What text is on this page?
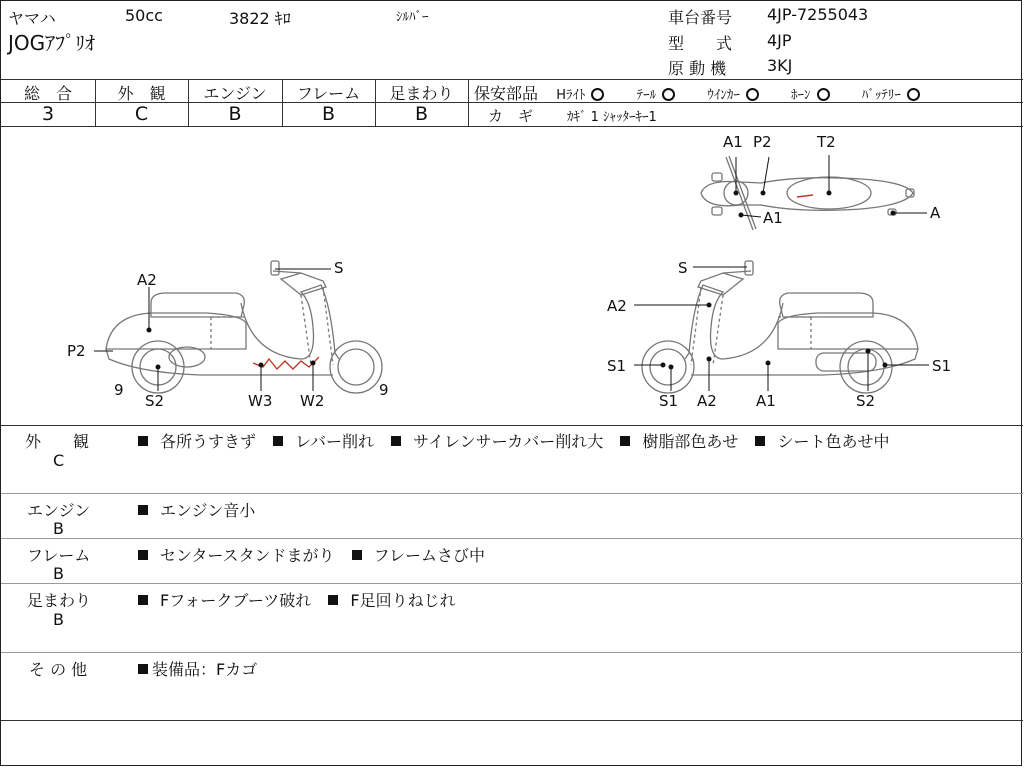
ヤマハ	50cc	3822 ｷﾛ	ｼﾙﾊﾞｰ
JOGｱﾌﾟﾘｵ
車台番号 4JP-7255043
型　　式 4JP
原 動 機	3KJ
総　合	外　観	エンジン	フレーム	足まわり
3	C	B	B	B
保安部品 Hﾗｲﾄ	ﾃｰﾙ	ｳｲﾝｶｰ	ﾎｰﾝ	ﾊﾞｯﾃﾘｰ
カ　ギ	ｶｷﾞ 1 ｼｬｯﾀｰｷｰ1
A1 P2	T2
A1	A
S
A2
P2
9
S2	W3 W2
9
S
A2
S1
S1
S1
A2	A1	S2
外　　観
C
各所うすきず レバー削れ サイレンサーカバー削れ大 樹脂部色あせ シート色あせ中
エンジン
B
エンジン音小
フレーム
B
センタースタンドまがり フレームさび中
足まわり
B
Fフォークブーツ破れ F足回りねじれ
そ の 他	装備品：Fカゴ
